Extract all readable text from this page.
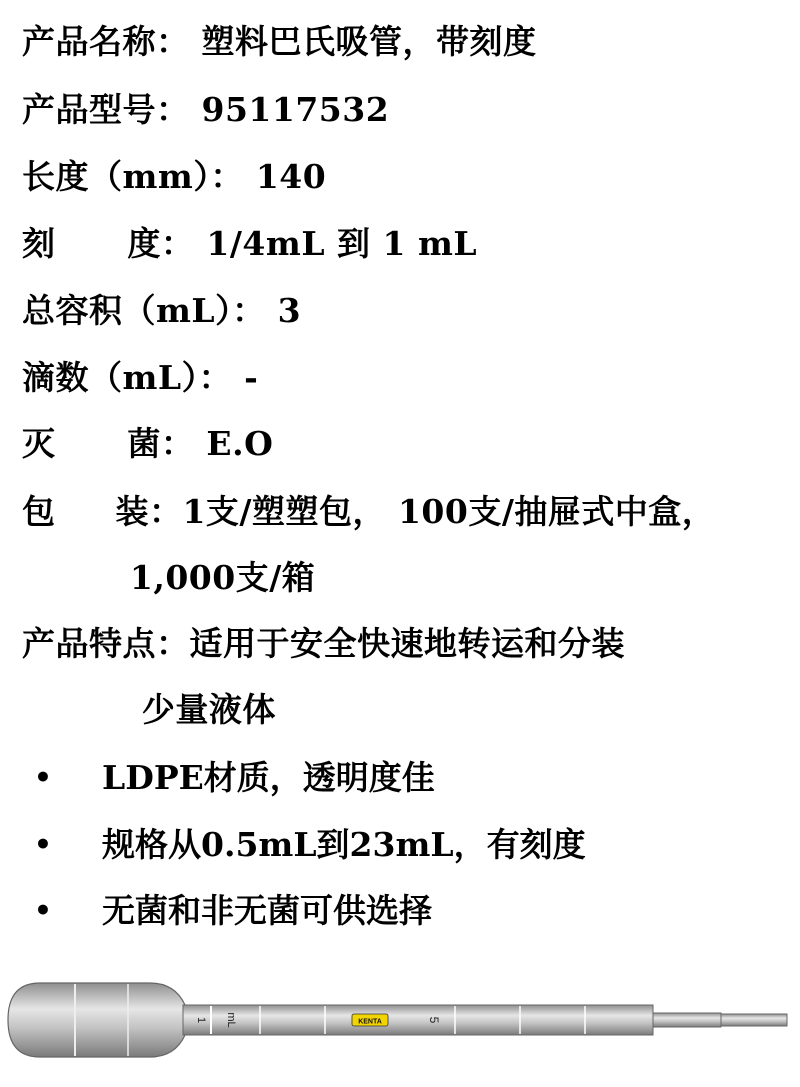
产品名称： 塑料巴氏吸管，带刻度
产品型号： 95117532
长度（mm）： 140
刻      度： 1/4mL 到 1 mL
总容积（mL）： 3
滴数（mL）： -
灭      菌： E.O
包     装：1支/塑塑包， 100支/抽屉式中盒，
1,000支/箱
产品特点：适用于安全快速地转运和分装
少量液体
• LDPE材质，透明度佳
• 规格从0.5mL到23mL，有刻度
• 无菌和非无菌可供选择
1 mL	5
KENTA
